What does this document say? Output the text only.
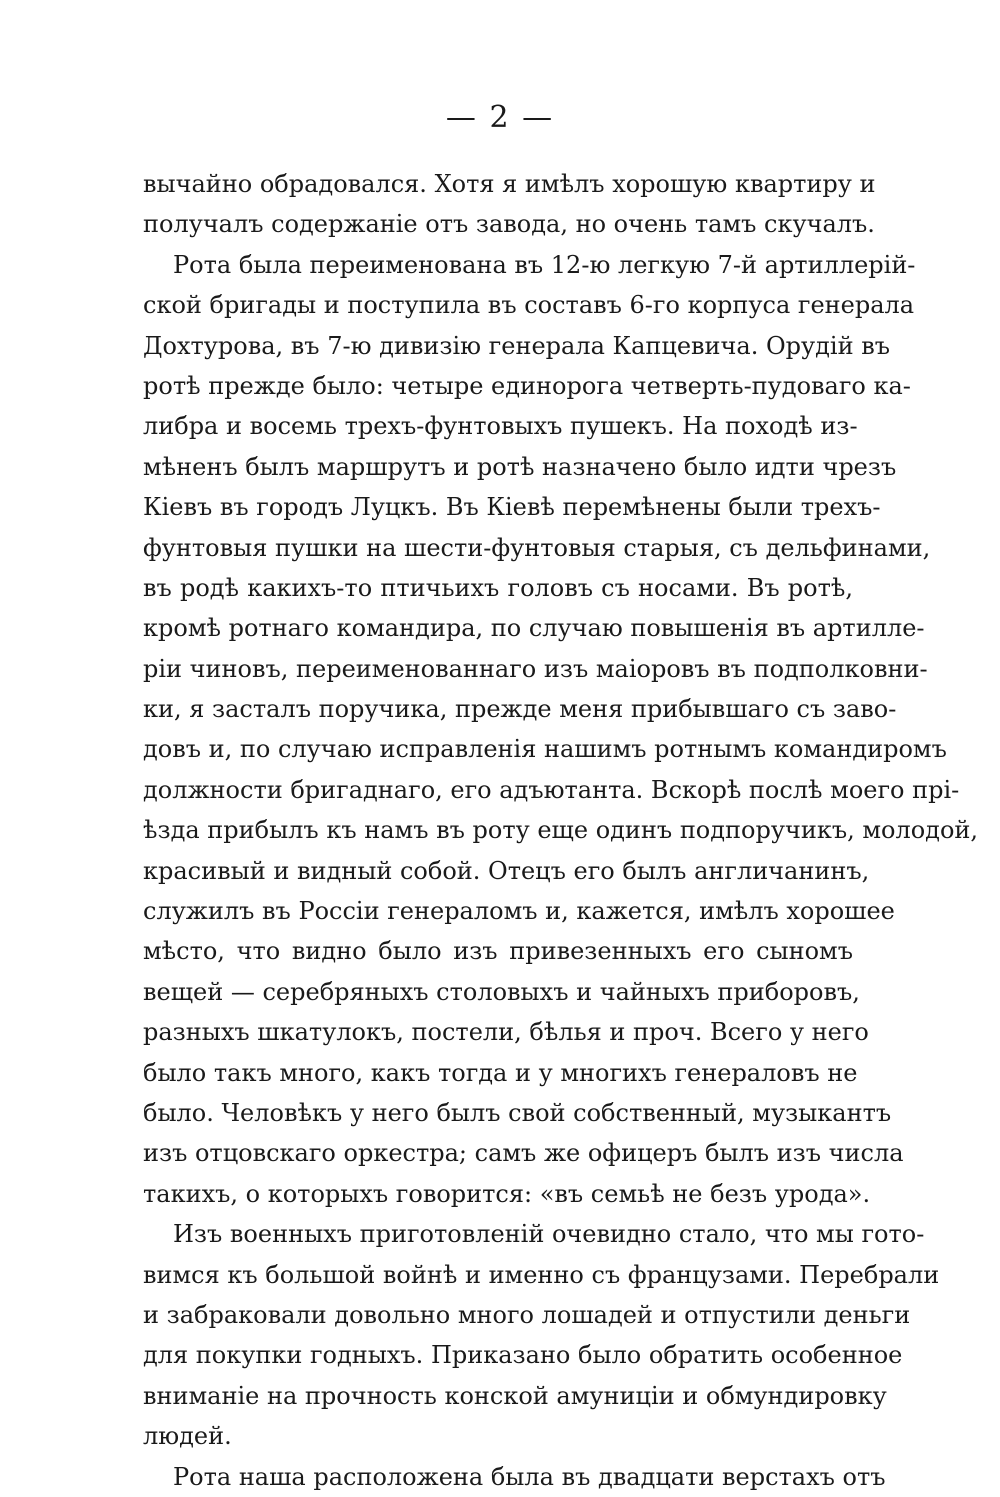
— 2 —
вычайно обрадовался. Хотя я имѣлъ хорошую квартиру и
получалъ содержаніе отъ завода, но очень тамъ скучалъ.
Рота была переименована въ 12-ю легкую 7-й артиллерій-
ской бригады и поступила въ составъ 6-го корпуса генерала
Дохтурова, въ 7-ю дивизію генерала Капцевича. Орудій въ
ротѣ прежде было: четыре единорога четверть-пудоваго ка-
либра и восемь трехъ-фунтовыхъ пушекъ. На походѣ из-
мѣненъ былъ маршрутъ и ротѣ назначено было идти чрезъ
Кіевъ въ городъ Луцкъ. Въ Кіевѣ перемѣнены были трехъ-
фунтовыя пушки на шести-фунтовыя старыя, съ дельфинами,
въ родѣ какихъ-то птичьихъ головъ съ носами. Въ ротѣ,
кромѣ ротнаго командира, по случаю повышенія въ артилле-
ріи чиновъ, переименованнаго изъ маіоровъ въ подполковни-
ки, я засталъ поручика, прежде меня прибывшаго съ заво-
довъ и, по случаю исправленія нашимъ ротнымъ командиромъ
должности бригаднаго, его адъютанта. Вскорѣ послѣ моего прі-
ѣзда прибылъ къ намъ въ роту еще одинъ подпоручикъ, молодой,
красивый и видный собой. Отецъ его былъ англичанинъ,
служилъ въ Россіи генераломъ и, кажется, имѣлъ хорошее
мѣсто, что видно было изъ привезенныхъ его сыномъ
вещей — серебряныхъ столовыхъ и чайныхъ приборовъ,
разныхъ шкатулокъ, постели, бѣлья и проч. Всего у него
было такъ много, какъ тогда и у многихъ генераловъ не
было. Человѣкъ у него былъ свой собственный, музыкантъ
изъ отцовскаго оркестра; самъ же офицеръ былъ изъ числа
такихъ, о которыхъ говорится: «въ семьѣ не безъ урода».
Изъ военныхъ приготовленій очевидно стало, что мы гото-
вимся къ большой войнѣ и именно съ французами. Перебрали
и забраковали довольно много лошадей и отпустили деньги
для покупки годныхъ. Приказано было обратить особенное
вниманіе на прочность конской амуниціи и обмундировку
людей.
Рота наша расположена была въ двадцати верстахъ отъ
